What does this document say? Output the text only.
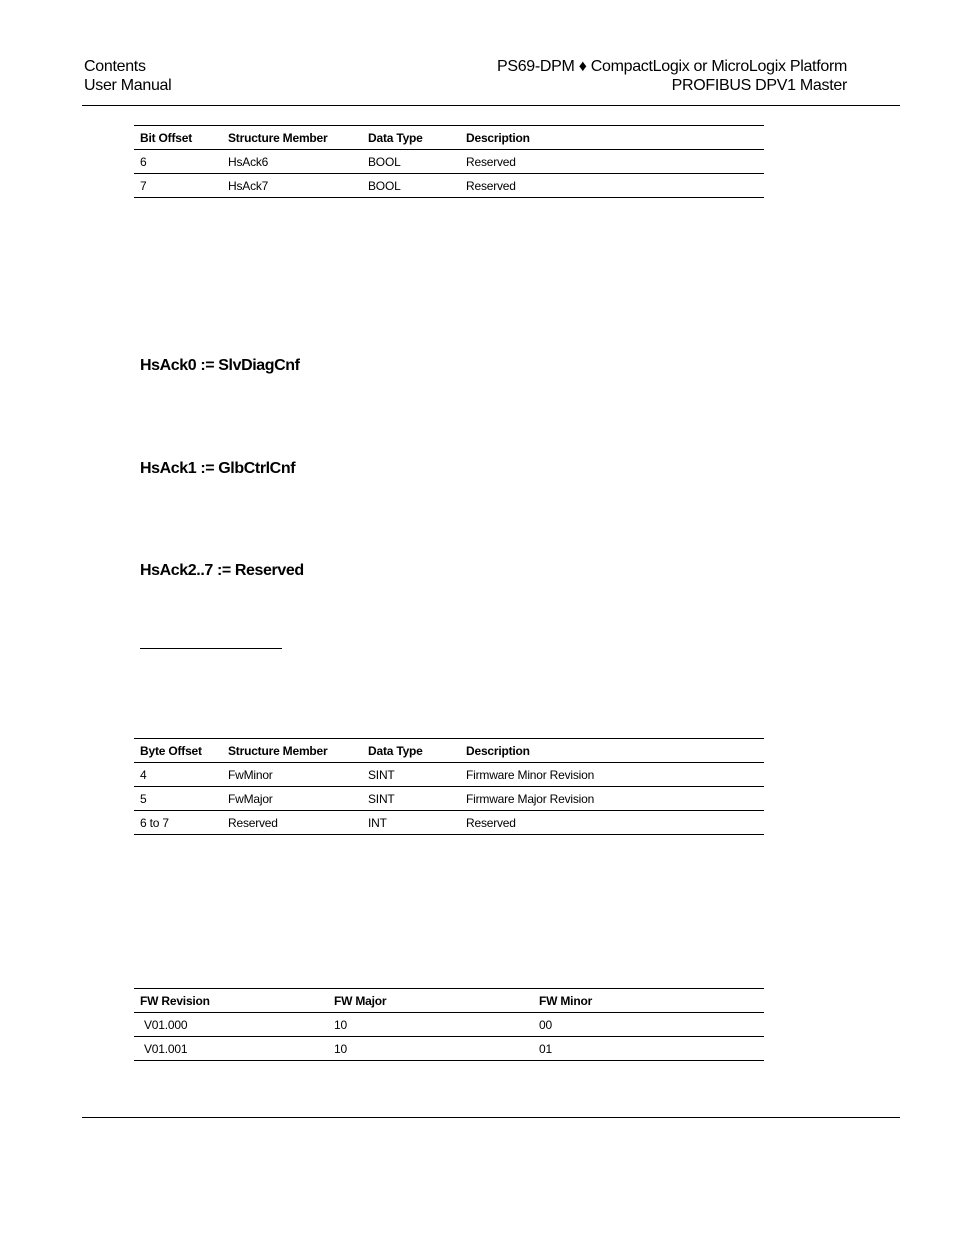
Contents
User Manual
PS69-DPM ♦ CompactLogix or MicroLogix Platform
PROFIBUS DPV1 Master
Bit Offset	Structure Member	Data Type	Description
6	HsAck6	BOOL	Reserved
7	HsAck7	BOOL	Reserved
HsAck0 := SlvDiagCnf
HsAck1 := GlbCtrlCnf
HsAck2..7 := Reserved
Byte Offset	Structure Member	Data Type	Description
4	FwMinor	SINT	Firmware Minor Revision
5	FwMajor	SINT	Firmware Major Revision
6 to 7	Reserved	INT	Reserved
FW Revision	FW Major	FW Minor
V01.000	10	00
V01.001	10	01
